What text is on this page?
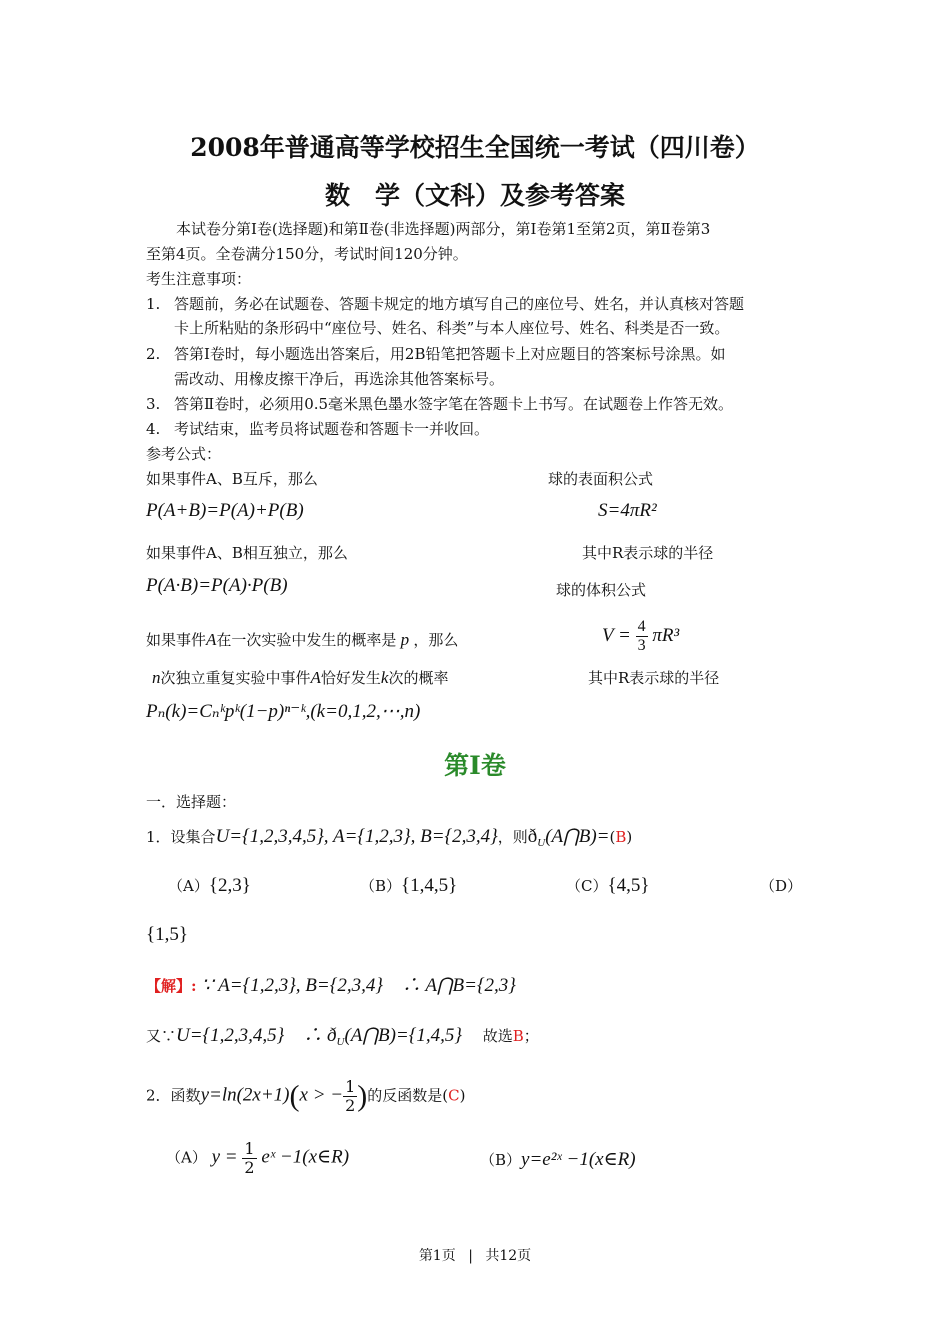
2008年普通高等学校招生全国统一考试（四川卷）
数　学（文科）及参考答案
本试卷分第Ⅰ卷(选择题)和第Ⅱ卷(非选择题)两部分，第Ⅰ卷第1至第2页，第Ⅱ卷第3
至第4页。全卷满分150分，考试时间120分钟。
考生注意事项：
1. 答题前，务必在试题卷、答题卡规定的地方填写自己的座位号、姓名，并认真核对答题
卡上所粘贴的条形码中“座位号、姓名、科类”与本人座位号、姓名、科类是否一致。
2. 答第Ⅰ卷时，每小题选出答案后，用2B铅笔把答题卡上对应题目的答案标号涂黑。如
需改动、用橡皮擦干净后，再选涂其他答案标号。
3. 答第Ⅱ卷时，必须用0.5毫米黑色墨水签字笔在答题卡上书写。在试题卷上作答无效。
4. 考试结束，监考员将试题卷和答题卡一并收回。
参考公式：
如果事件A、B互斥，那么	球的表面积公式
P(A+B)=P(A)+P(B)	S=4πR²
如果事件A、B相互独立，那么	其中R表示球的半径
P(A·B)=P(A)·P(B)	球的体积公式
如果事件A在一次实验中发生的概率是 p ，那么	$V = \frac{4}{3} \pi R^3$
n次独立重复实验中事件A恰好发生k次的概率	其中R表示球的半径
Pₙ(k)=Cₙᵏpᵏ(1−p)ⁿ⁻ᵏ,(k=0,1,2,⋯,n)
第Ⅰ卷
一．选择题：
1．设集合U={1,2,3,4,5}, A={1,2,3}, B={2,3,4}，则$ð_U(A⋂B)=(B)$
（A）{2,3}	（B）{1,4,5}	（C）{4,5}	（D）
{1,5}
【解】: ∵ A={1,2,3}, B={2,3,4}　∴ A⋂B={2,3}
又∵U={1,2,3,4,5}　∴ $ð_U(A⋂B)=\{1,4,5\}$ 故选B；
2．函数y=ln(2x+1)(x > − $\frac{1}{2}$ )的反函数是(C)
（A） $y = \frac{1}{2}$ eˣ −1(x∈R)	（B）y=e²ˣ −1(x∈R)
第1页 | 共12页
